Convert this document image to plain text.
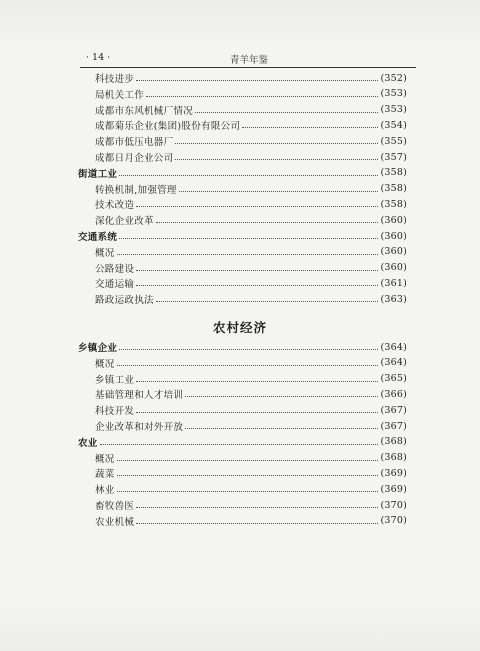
· 14 ·	青羊年鉴
科技进步	(352)
局机关工作	(353)
成都市东风机械厂情况	(353)
成都菊乐企业(集团)股份有限公司	(354)
成都市低压电器厂	(355)
成都日月企业公司	(357)
街道工业	(358)
转换机制,加强管理	(358)
技术改造	(358)
深化企业改革	(360)
交通系统	(360)
概况	(360)
公路建设	(360)
交通运输	(361)
路政运政执法	(363)
农村经济
乡镇企业	(364)
概况	(364)
乡镇工业	(365)
基础管理和人才培训	(366)
科技开发	(367)
企业改革和对外开放	(367)
农业	(368)
概况	(368)
蔬菜	(369)
林业	(369)
畜牧兽医	(370)
农业机械	(370)
